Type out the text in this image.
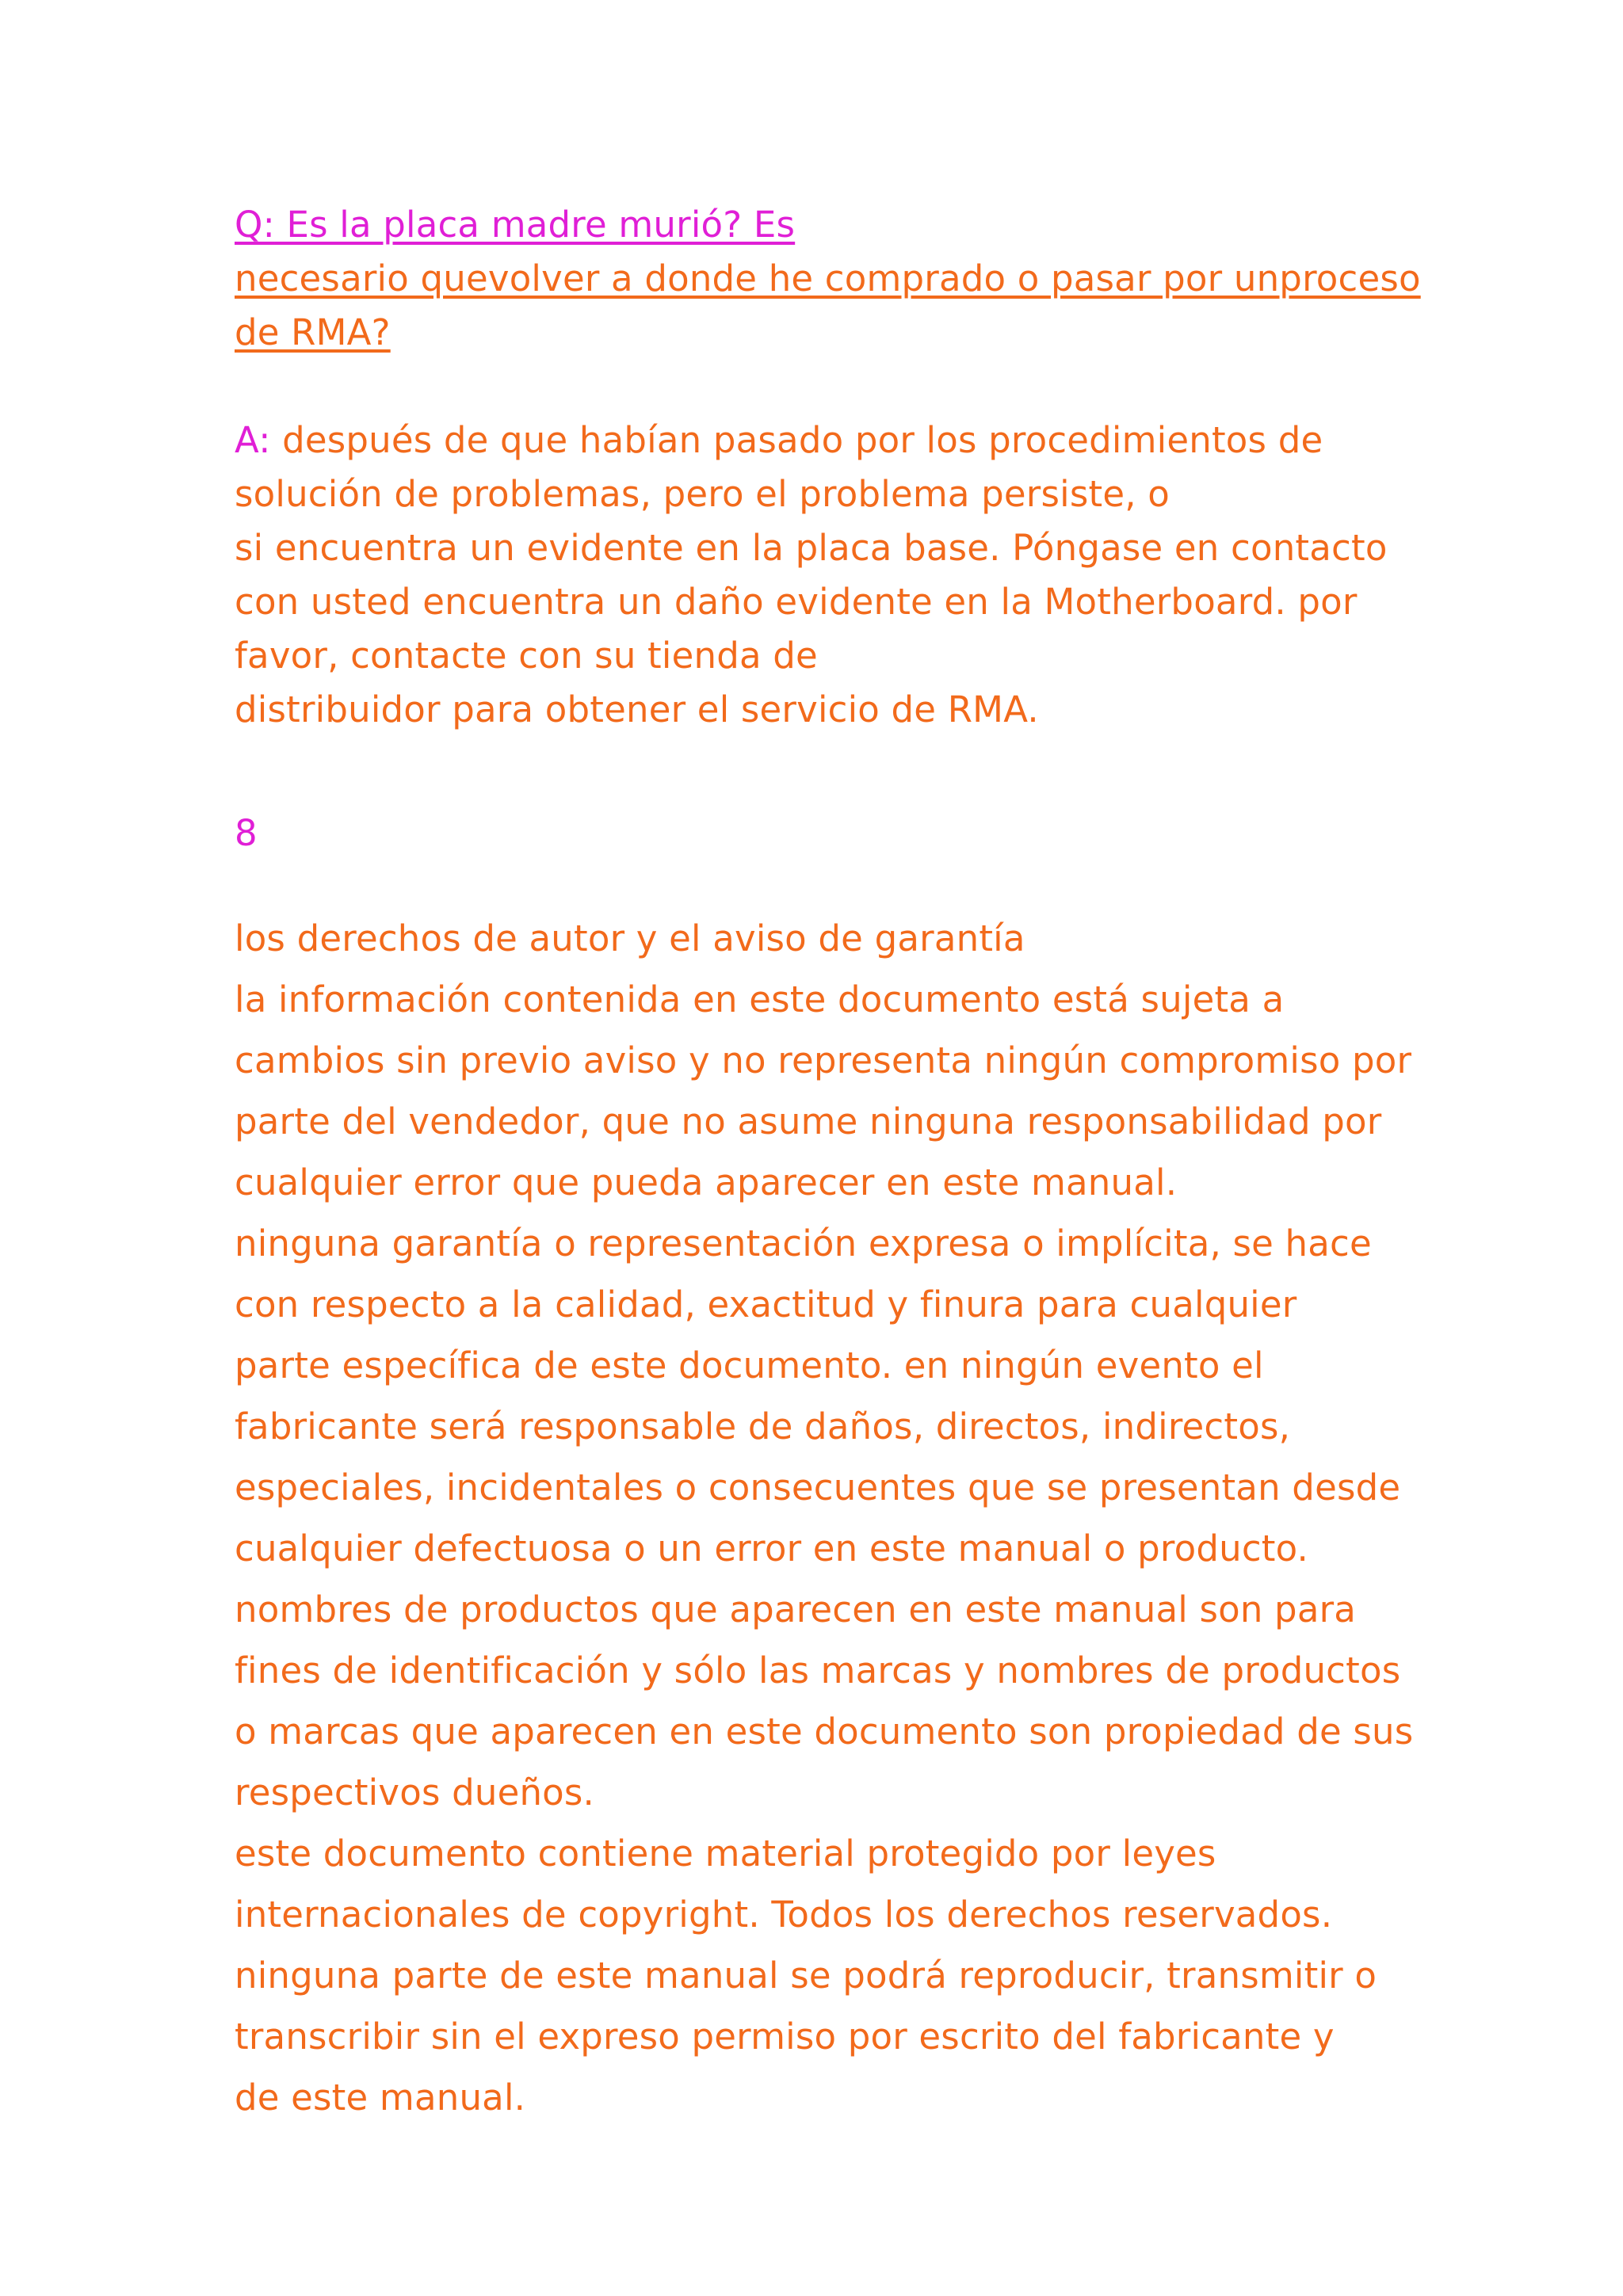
Q: Es la placa madre murió? Es
necesario quevolver a donde he comprado o pasar por unproceso
de RMA?
A: después de que habían pasado por los procedimientos de
solución de problemas, pero el problema persiste, o
si encuentra un evidente en la placa base. Póngase en contacto
con usted encuentra un daño evidente en la Motherboard. por
favor, contacte con su tienda de
distribuidor para obtener el servicio de RMA.
8
los derechos de autor y el aviso de garantía
la información contenida en este documento está sujeta a
cambios sin previo aviso y no representa ningún compromiso por
parte del vendedor, que no asume ninguna responsabilidad por
cualquier error que pueda aparecer en este manual.
ninguna garantía o representación expresa o implícita, se hace
con respecto a la calidad, exactitud y finura para cualquier
parte específica de este documento. en ningún evento el
fabricante será responsable de daños, directos, indirectos,
especiales, incidentales o consecuentes que se presentan desde
cualquier defectuosa o un error en este manual o producto.
nombres de productos que aparecen en este manual son para
fines de identificación y sólo las marcas y nombres de productos
o marcas que aparecen en este documento son propiedad de sus
respectivos dueños.
este documento contiene material protegido por leyes
internacionales de copyright. Todos los derechos reservados.
ninguna parte de este manual se podrá reproducir, transmitir o
transcribir sin el expreso permiso por escrito del fabricante y
de este manual.
